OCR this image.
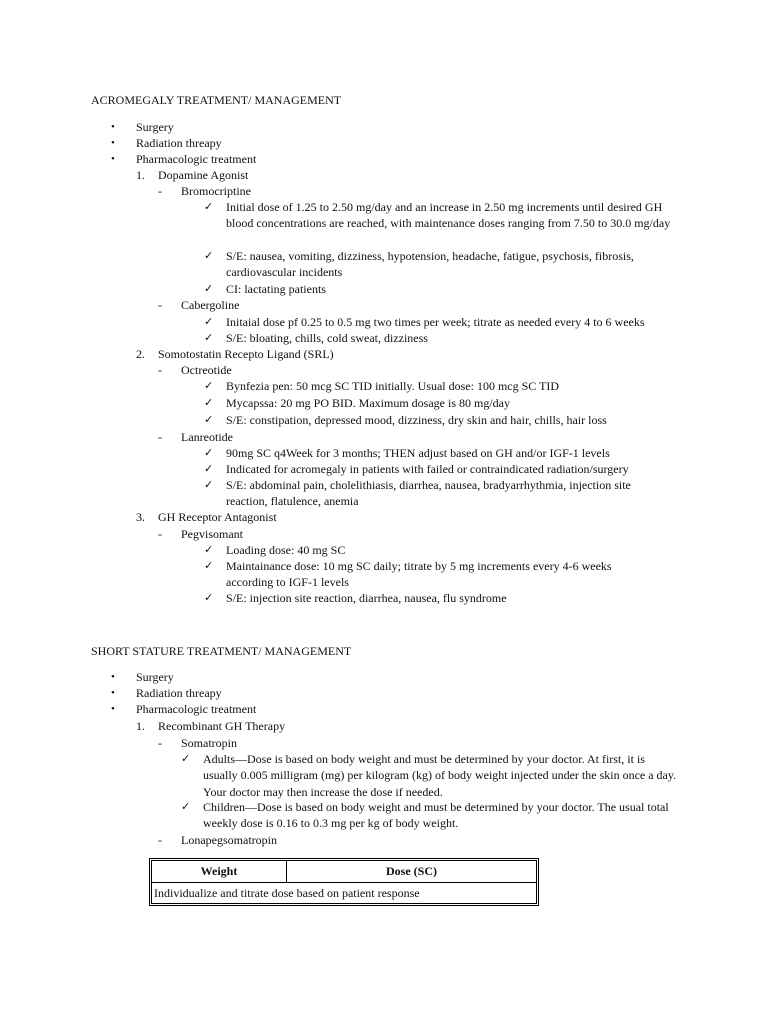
ACROMEGALY TREATMENT/ MANAGEMENT
• Surgery
• Radiation threapy
• Pharmacologic treatment
1. Dopamine Agonist
- Bromocriptine
✓ Initial dose of 1.25 to 2.50 mg/day and an increase in 2.50 mg increments until desired GH blood concentrations are reached, with maintenance doses ranging from 7.50 to 30.0 mg/day
✓ S/E: nausea, vomiting, dizziness, hypotension, headache, fatigue, psychosis, fibrosis, cardiovascular incidents
✓ CI: lactating patients
- Cabergoline
✓ Initaial dose pf 0.25 to 0.5 mg two times per week; titrate as needed every 4 to 6 weeks
✓ S/E: bloating, chills, cold sweat, dizziness
2. Somotostatin Recepto Ligand (SRL)
- Octreotide
✓ Bynfezia pen: 50 mcg SC TID initially. Usual dose: 100 mcg SC TID
✓ Mycapssa: 20 mg PO BID. Maximum dosage is 80 mg/day
✓ S/E: constipation, depressed mood, dizziness, dry skin and hair, chills, hair loss
- Lanreotide
✓ 90mg SC q4Week for 3 months; THEN adjust based on GH and/or IGF-1 levels
✓ Indicated for acromegaly in patients with failed or contraindicated radiation/surgery
✓ S/E: abdominal pain, cholelithiasis, diarrhea, nausea, bradyarrhythmia, injection site reaction, flatulence, anemia
3. GH Receptor Antagonist
- Pegvisomant
✓ Loading dose: 40 mg SC
✓ Maintainance dose: 10 mg SC daily; titrate by 5 mg increments every 4-6 weeks according to IGF-1 levels
✓ S/E: injection site reaction, diarrhea, nausea, flu syndrome
SHORT STATURE TREATMENT/ MANAGEMENT
• Surgery
• Radiation threapy
• Pharmacologic treatment
1. Recombinant GH Therapy
- Somatropin
✓ Adults—Dose is based on body weight and must be determined by your doctor. At first, it is usually 0.005 milligram (mg) per kilogram (kg) of body weight injected under the skin once a day. Your doctor may then increase the dose if needed.
✓ Children—Dose is based on body weight and must be determined by your doctor. The usual total weekly dose is 0.16 to 0.3 mg per kg of body weight.
- Lonapegsomatropin
Weight	Dose (SC)
Individualize and titrate dose based on patient response
